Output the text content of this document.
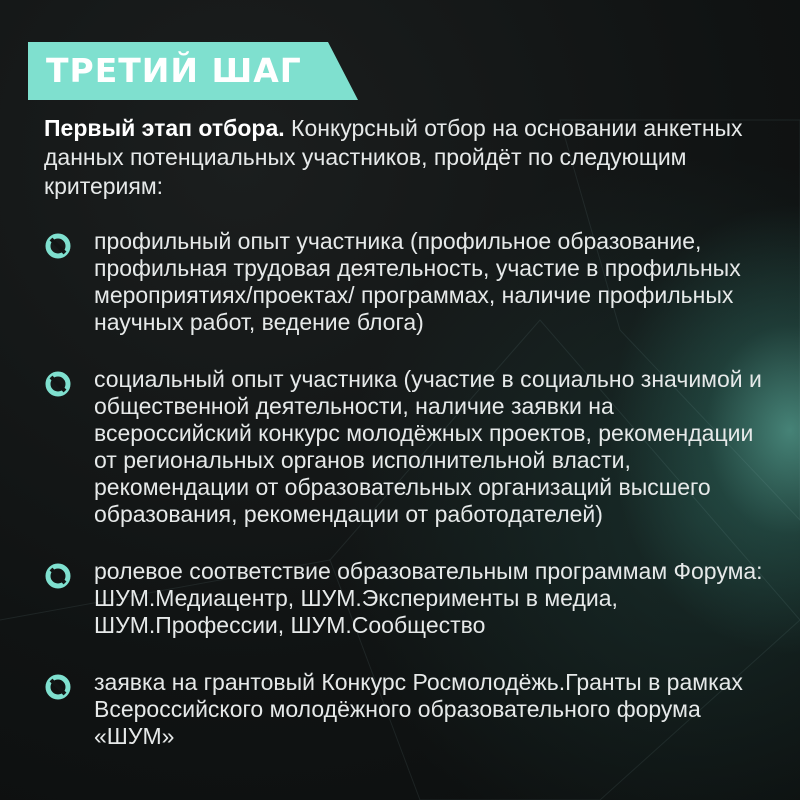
ТРЕТИЙ ШАГ
Первый этап отбора. Конкурсный отбор на основании анкетных данных потенциальных участников, пройдёт по следующим критериям:
профильный опыт участника (профильное образование, профильная трудовая деятельность, участие в профильных мероприятиях/проектах/ программах, наличие профильных научных работ, ведение блога)
социальный опыт участника (участие в социально значимой и общественной деятельности, наличие заявки на всероссийский конкурс молодёжных проектов, рекомендации от региональных органов исполнительной власти, рекомендации от образовательных организаций высшего образования, рекомендации от работодателей)
ролевое соответствие образовательным программам Форума: ШУМ.Медиацентр, ШУМ.Эксперименты в медиа, ШУМ.Профессии, ШУМ.Сообщество
заявка на грантовый Конкурс Росмолодёжь.Гранты в рамках Всероссийского молодёжного образовательного форума «ШУМ»
